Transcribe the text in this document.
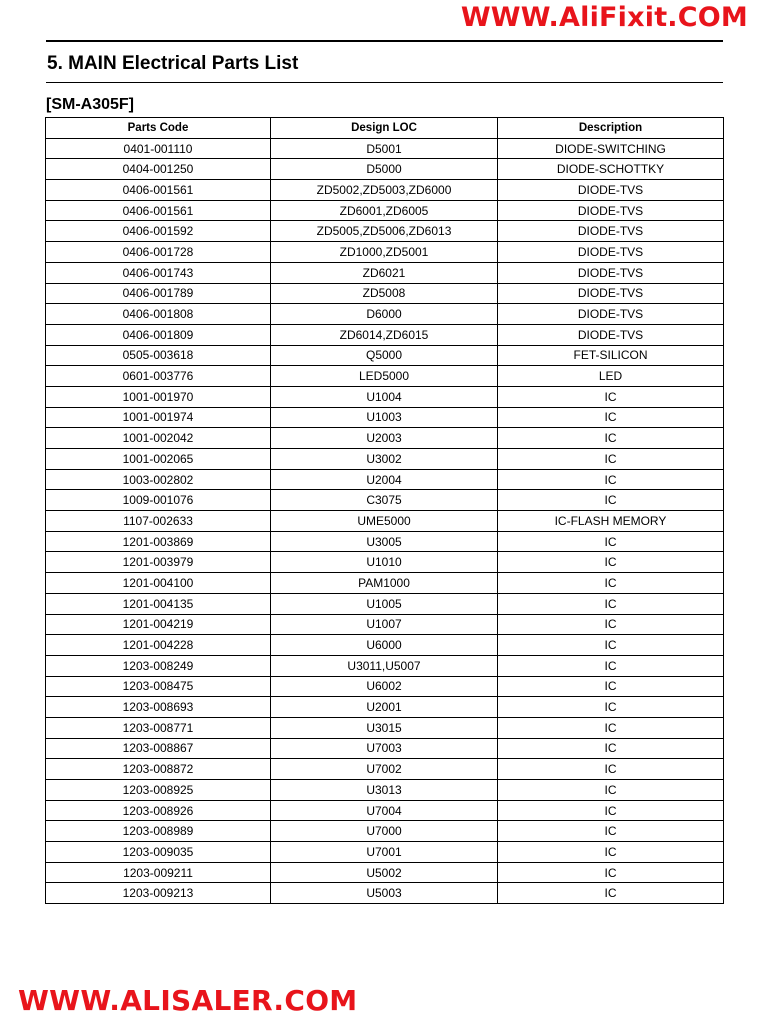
WWW.AliFixit.COM
5. MAIN Electrical Parts List
[SM-A305F]
Parts Code	Design LOC	Description
0401-001110	D5001	DIODE-SWITCHING
0404-001250	D5000	DIODE-SCHOTTKY
0406-001561	ZD5002,ZD5003,ZD6000	DIODE-TVS
0406-001561	ZD6001,ZD6005	DIODE-TVS
0406-001592	ZD5005,ZD5006,ZD6013	DIODE-TVS
0406-001728	ZD1000,ZD5001	DIODE-TVS
0406-001743	ZD6021	DIODE-TVS
0406-001789	ZD5008	DIODE-TVS
0406-001808	D6000	DIODE-TVS
0406-001809	ZD6014,ZD6015	DIODE-TVS
0505-003618	Q5000	FET-SILICON
0601-003776	LED5000	LED
1001-001970	U1004	IC
1001-001974	U1003	IC
1001-002042	U2003	IC
1001-002065	U3002	IC
1003-002802	U2004	IC
1009-001076	C3075	IC
1107-002633	UME5000	IC-FLASH MEMORY
1201-003869	U3005	IC
1201-003979	U1010	IC
1201-004100	PAM1000	IC
1201-004135	U1005	IC
1201-004219	U1007	IC
1201-004228	U6000	IC
1203-008249	U3011,U5007	IC
1203-008475	U6002	IC
1203-008693	U2001	IC
1203-008771	U3015	IC
1203-008867	U7003	IC
1203-008872	U7002	IC
1203-008925	U3013	IC
1203-008926	U7004	IC
1203-008989	U7000	IC
1203-009035	U7001	IC
1203-009211	U5002	IC
1203-009213	U5003	IC
WWW.ALISALER.COM
